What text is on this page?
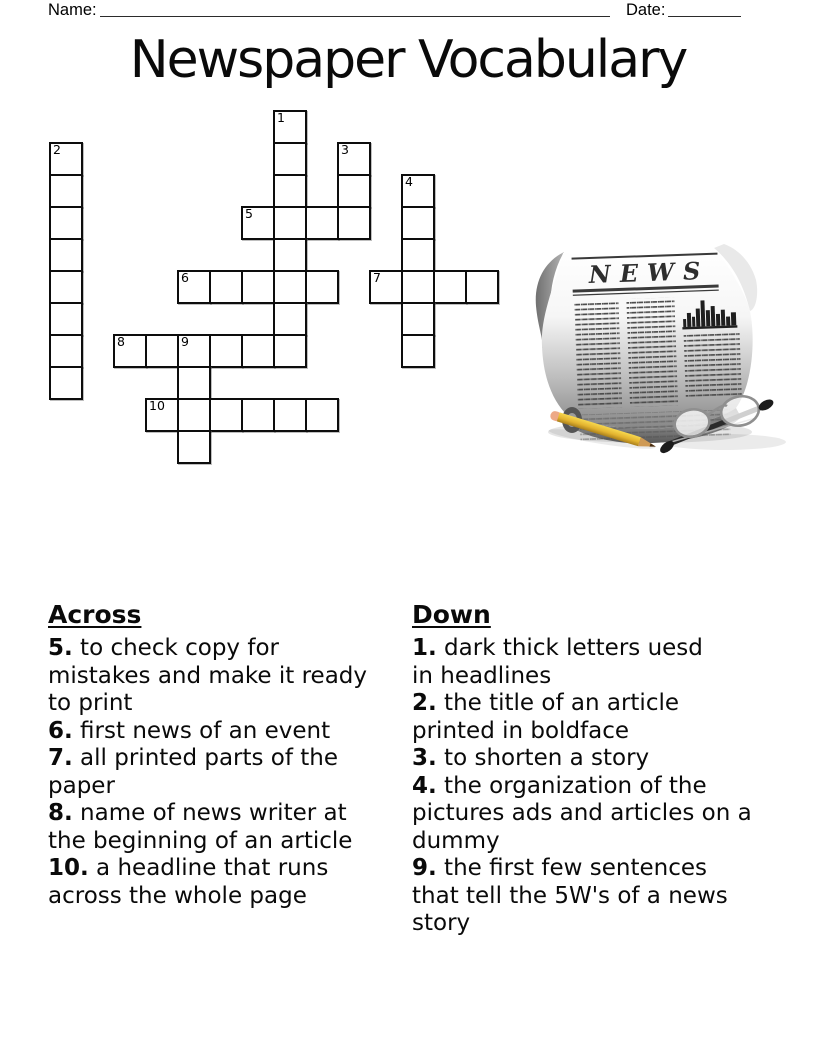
Name:	Date:
Newspaper Vocabulary
1
2	3
4
5
6	7
8	9
10
NEWS
Across
5. to check copy for
mistakes and make it ready
to print
6. first news of an event
7. all printed parts of the
paper
8. name of news writer at
the beginning of an article
10. a headline that runs
across the whole page
Down
1. dark thick letters uesd
in headlines
2. the title of an article
printed in boldface
3. to shorten a story
4. the organization of the
pictures ads and articles on a
dummy
9. the first few sentences
that tell the 5W's of a news
story
